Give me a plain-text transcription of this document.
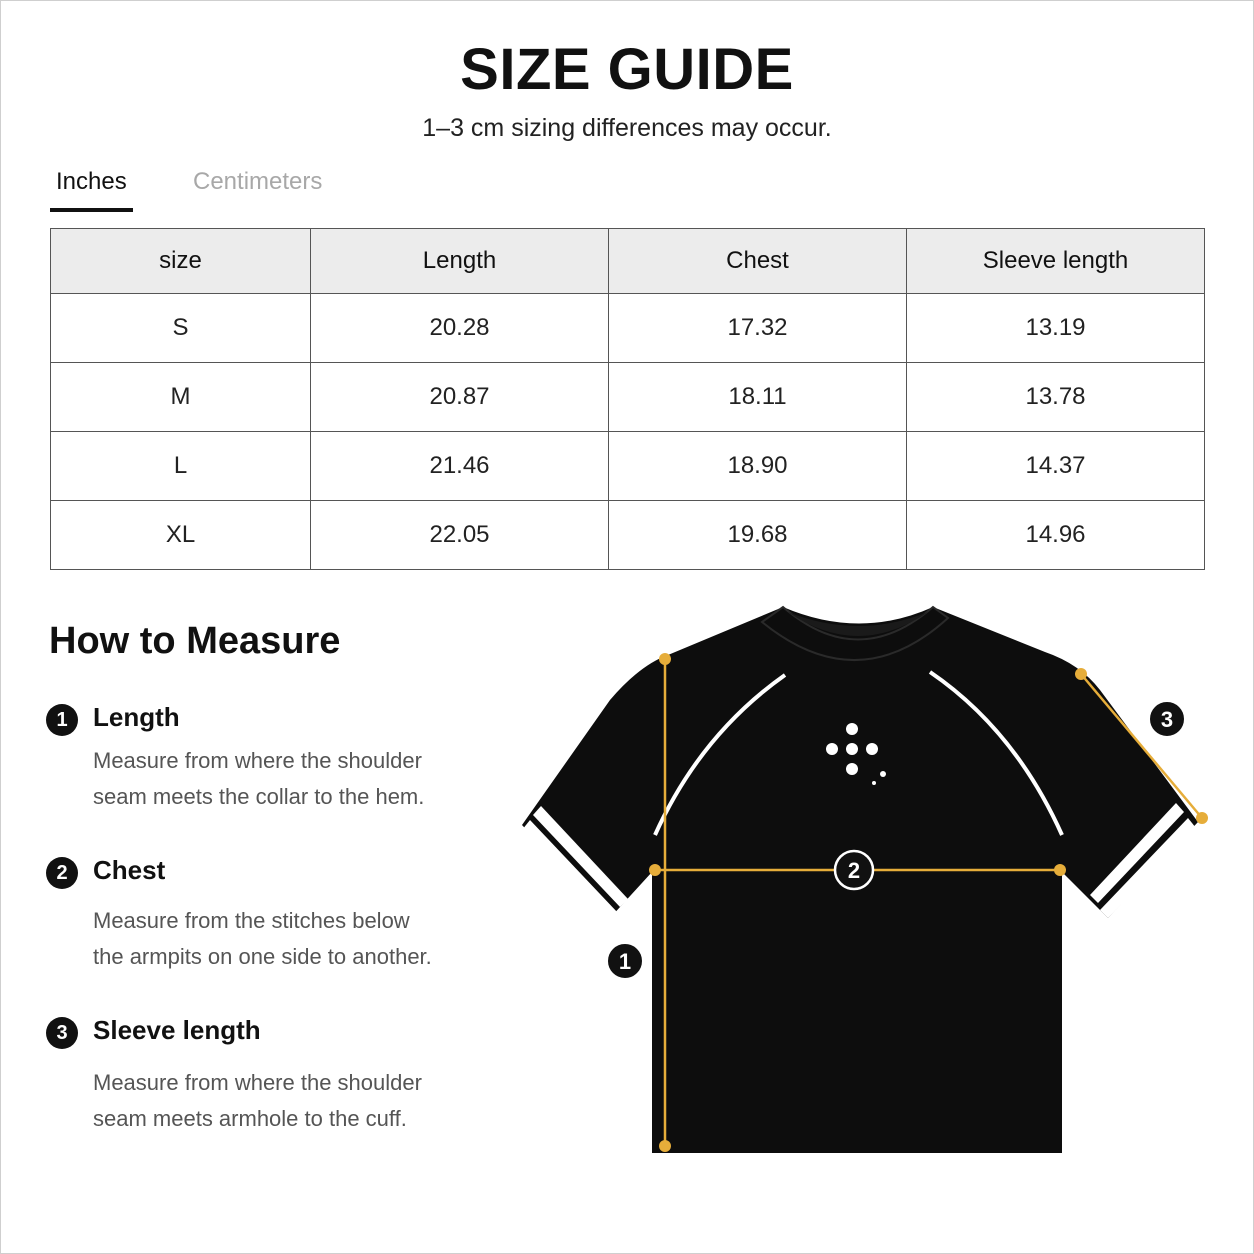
SIZE GUIDE
1–3 cm sizing differences may occur.
Inches	Centimeters
size	Length	Chest	Sleeve length
S	20.28	17.32	13.19
M	20.87	18.11	13.78
L	21.46	18.90	14.37
XL	22.05	19.68	14.96
How to Measure
1 Length
Measure from where the shoulder
seam meets the collar to the hem.
2 Chest
Measure from the stitches below
the armpits on one side to another.
3 Sleeve length
Measure from where the shoulder
seam meets armhole to the cuff.
1
2
3
